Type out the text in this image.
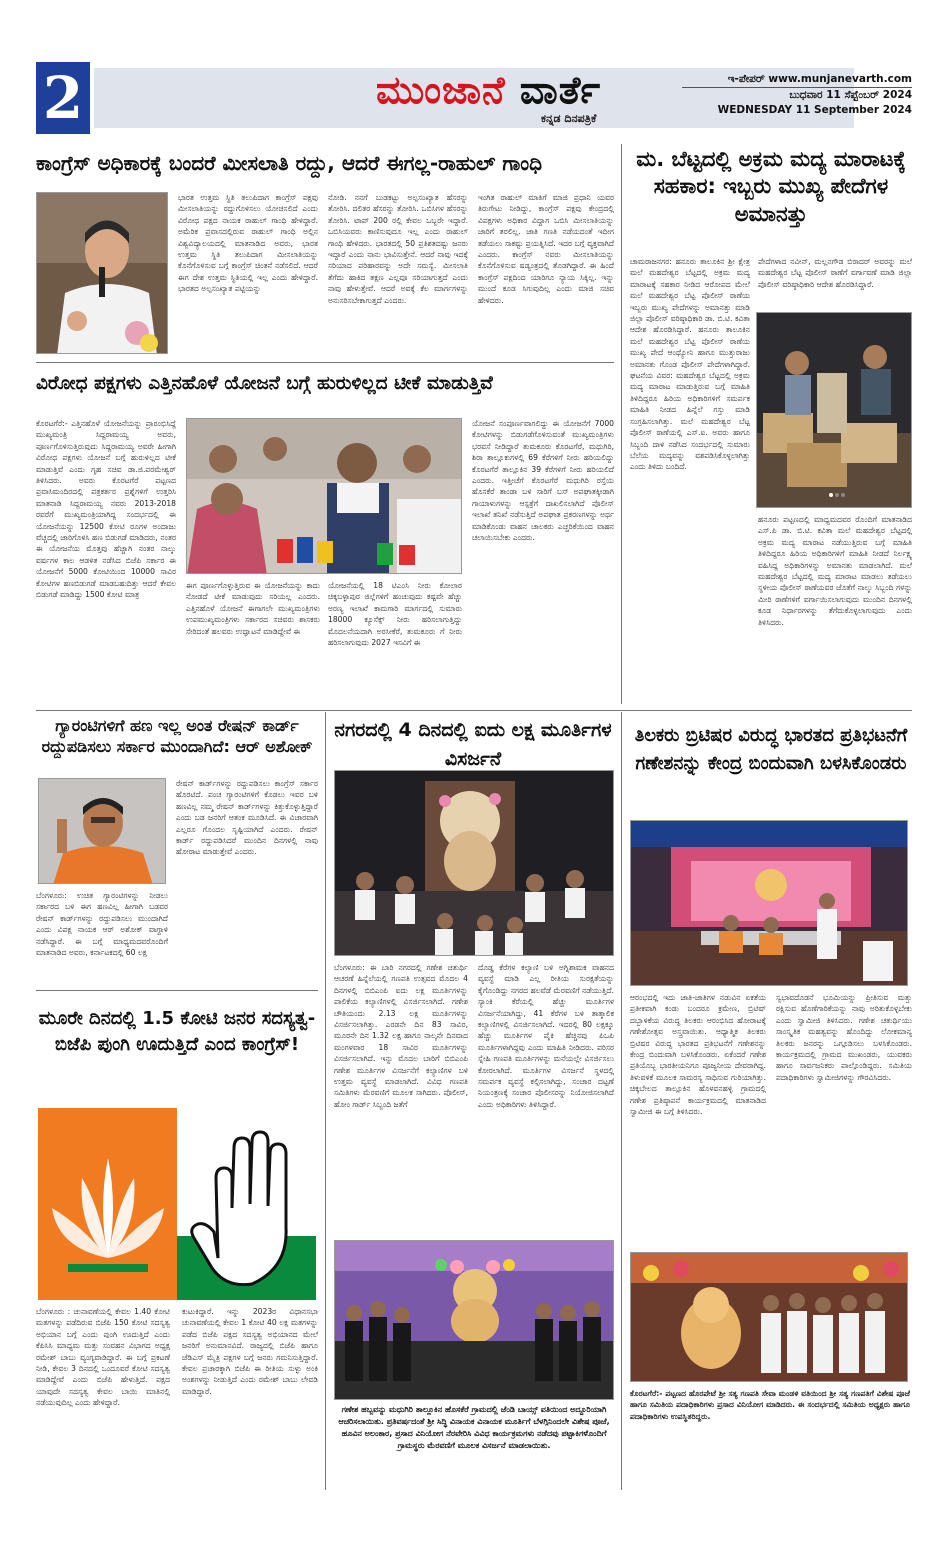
2	ಮುಂಜಾನೆ ವಾರ್ತೆ
ಕನ್ನಡ ದಿನಪತ್ರಿಕೆ
ಇ-ಪೇಪರ್ www.munjanevarth.com
ಬುಧವಾರ 11 ಸೆಪ್ಟೆಂಬರ್ 2024
WEDNESDAY 11 September 2024
ಕಾಂಗ್ರೆಸ್ ಅಧಿಕಾರಕ್ಕೆ ಬಂದರೆ ಮೀಸಲಾತಿ ರದ್ದು, ಆದರೆ ಈಗಲ್ಲ-ರಾಹುಲ್ ಗಾಂಧಿ
ಭಾರತ ಉತ್ತಮ ಸ್ಥಿತಿ ತಲುಪಿದಾಗ ಕಾಂಗ್ರೆಸ್ ಪಕ್ಷವು ಮೀಸಲಾತಿಯನ್ನು ರದ್ದುಗೊಳಿಸಲು ಯೋಚಿಸಲಿದೆ ಎಂದು ವಿರೋಧ ಪಕ್ಷದ ನಾಯಕ ರಾಹುಲ್ ಗಾಂಧಿ ಹೇಳಿದ್ದಾರೆ. ಅಮೆರಿಕ ಪ್ರವಾಸದಲ್ಲಿರುವ ರಾಹುಲ್ ಗಾಂಧಿ ಅಲ್ಲಿನ ವಿಶ್ವವಿದ್ಯಾಲಯದಲ್ಲಿ ಮಾತನಾಡಿದ ಅವರು, ಭಾರತ ಉತ್ತಮ ಸ್ಥಿತಿ ತಲುಪಿದಾಗ ಮೀಸಲಾತಿಯನ್ನು ಕೊನೆಗೊಳಿಸುವ ಬಗ್ಗೆ ಕಾಂಗ್ರೆಸ್ ಚಿಂತನೆ ನಡೆಸಲಿದೆ. ಆದರೆ ಈಗ ದೇಶ ಉತ್ತಮ ಸ್ಥಿತಿಯಲ್ಲಿ ಇಲ್ಲ ಎಂದು ಹೇಳಿದ್ದಾರೆ. ಭಾರತದ ಅಲ್ಪಸಂಖ್ಯಾತ ಪಟ್ಟಿಯನ್ನು
ನೋಡಿ. ನನಗೆ ಬುಡಕಟ್ಟು ಅಲ್ಪಸಂಖ್ಯಾತ ಹೆಸರನ್ನು ತೋರಿಸಿ. ದಲಿತರ ಹೆಸರನ್ನು ತೋರಿಸಿ. ಒಬಿಸಿಗಳ ಹೆಸರನ್ನು ತೋರಿಸಿ. ಟಾಪ್ 200 ರಲ್ಲಿ ಕೇವಲ ಒಬ್ಬರೇ ಇದ್ದಾರೆ. ಒಬಿಸಿಯವರು ಕಾಣಿಸುವುದೂ ಇಲ್ಲ ಎಂದು ರಾಹುಲ್ ಗಾಂಧಿ ಹೇಳಿದರು. ಭಾರತದಲ್ಲಿ 50 ಪ್ರತಿಶತದಷ್ಟು ಜನರು ಇದ್ದಾರೆ ಎಂದು ನಾನು ಭಾವಿಸುತ್ತೇನೆ. ಆದರೆ ನಾವು ಇದಕ್ಕೆ ಸರಿಯಾದ ಪರಿಹಾರವನ್ನು ಅದೇ ಸಮಸ್ಯೆ. ಮೀಸಲಾತಿ ತೆಗೆದು ಹಾಕಿದ ತಕ್ಷಣ ಎಲ್ಲವೂ ಸರಿಯಾಗುತ್ತದೆ ಎಂದು ನಾವು ಹೇಳುತ್ತೇವೆ. ಆದರೆ ಅವಕ್ಕೆ ಕೆಲ ಮಾರ್ಗಗಳನ್ನು ಅನುಸರಿಸಬೇಕಾಗುತ್ತದೆ ಎಂದರು.
ಇಂಗಿತ ರಾಹುಲ್ ಮಾತಿಗೆ ಮಾಜಿ ಪ್ರಧಾನಿ ಯವರ ತಿರುಗೇಟು ನೀಡಿದ್ದು, ಕಾಂಗ್ರೆಸ್ ಪಕ್ಷವು ಕೇಂದ್ರದಲ್ಲಿ ವಿಪಕ್ಷಗಳು ಅಧಿಕಾರ ವಿದ್ದಾಗ ಒಬಿಸಿ ಮೀಸಲಾತಿಯನ್ನು ಜಾರಿಗೆ ತರಲಿಲ್ಲ. ಜಾತಿ ಗಣತಿ ನಡೆಯದಂತೆ ಇದೀಗ ತಡೆಯಲು ಸಾಕಷ್ಟು ಪ್ರಯತ್ನಿಸಿದೆ. ಇದರ ಬಗ್ಗೆ ವ್ಯಕ್ತವಾಗಿದೆ ಎಂದರು. ಕಾಂಗ್ರೆಸ್ ನವರು ಮೀಸಲಾತಿಯನ್ನು ಕೊನೆಗೊಳಿಸುವ ಷಡ್ಯಂತ್ರದಲ್ಲಿ ತೊಡಗಿದ್ದಾರೆ. ಈ ಹಿಂದೆ ಕಾಂಗ್ರೆಸ್ ಪಕ್ಷದಿಂದ ಯಾರಿಗೂ ನ್ಯಾಯ ಸಿಕ್ಕಿಲ್ಲ. ಇನ್ನು ಮುಂದೆ ಕೂಡ ಸಿಗುವುದಿಲ್ಲ ಎಂದು ಮಾಜಿ ಸಚಿವ ಹೇಳಿದರು.
ಮ. ಬೆಟ್ಟದಲ್ಲಿ ಅಕ್ರಮ ಮದ್ಯ ಮಾರಾಟಕ್ಕೆ ಸಹಕಾರ: ಇಬ್ಬರು ಮುಖ್ಯ ಪೇದೆಗಳ ಅಮಾನತ್ತು
ಚಾಮರಾಜನಗರ: ಹನೂರು ತಾಲೂಕಿನ ಶ್ರೀ ಕ್ಷೇತ್ರ ಮಲೆ ಮಹದೇಶ್ವರ ಬೆಟ್ಟದಲ್ಲಿ ಅಕ್ರಮ ಮದ್ಯ ಮಾರಾಟಕ್ಕೆ ಸಹಕಾರ ನೀಡಿದ ಆರೋಪದ ಮೇಲೆ ಮಲೆ ಮಹದೇಶ್ವರ ಬೆಟ್ಟ ಪೊಲೀಸ್ ಠಾಣೆಯ ಇಬ್ಬರು ಮುಖ್ಯ ಪೇದೆಗಳನ್ನು ಅಮಾನತ್ತು ಮಾಡಿ ಜಿಲ್ಲಾ ಪೊಲೀಸ್ ವರಿಷ್ಠಾಧಿಕಾರಿ ಡಾ. ಬಿ.ಟಿ. ಕವಿತಾ ಆದೇಶ ಹೊರಡಿಸಿದ್ದಾರೆ. ಹನೂರು ತಾಲೂಕಿನ ಮಲೆ ಮಹದೇಶ್ವರ ಬೆಟ್ಟ ಪೊಲೀಸ್ ಠಾಣೆಯ ಮುಖ್ಯ ಪೇದೆ ಆಂಥ್ಯೋನಿ ಹಾಗೂ ಮುತ್ತುರಾಜು ಅಮಾನತು ಗೊಂಡ ಪೊಲೀಸ್ ಪೇದೆಗಳಾಗಿದ್ದಾರೆ. ಘಟನೆಯ ವಿವರ: ಮಹದೇಶ್ವರ ಬೆಟ್ಟದಲ್ಲಿ ಅಕ್ರಮ ಮದ್ಯ ಮಾರಾಟ ಮಾಡುತ್ತಿರುವ ಬಗ್ಗೆ ಮಾಹಿತಿ ತಿಳಿದಿದ್ದರೂ ಹಿರಿಯ ಅಧಿಕಾರಿಗಳಿಗೆ ಸಮರ್ಪಕ ಮಾಹಿತಿ ನೀಡದ ಹಿನ್ನೆಲೆ ಗಸ್ತು ಮಾಡಿ ಸಂಗ್ರಹಿಸಲಾಗಿತ್ತು. ಮಲೆ ಮಹದೇಶ್ವರ ಬೆಟ್ಟ ಪೊಲೀಸ್ ಠಾಣೆಯಲ್ಲಿ ಎಸ್.ಐ. ಅವರು ಹಾಗೂ ಸಿಬ್ಬಂದಿ ದಾಳಿ ನಡೆಸಿದ ಸಂದರ್ಭದಲ್ಲಿ ಸುಮಾರು ಬೆಲೆಯ ಮದ್ಯವನ್ನು ವಶಪಡಿಸಿಕೊಳ್ಳಲಾಗಿತ್ತು ಎಂದು ತಿಳಿದು ಬಂದಿದೆ.
ಪೇದೆಗಳಾದ ನವೀನ್, ಮಲ್ಲನಗೌಡ ಬಿರಾದರ್ ಅವರನ್ನು ಮಲೆ ಮಹದೇಶ್ವರ ಬೆಟ್ಟ ಪೊಲೀಸ್ ಠಾಣೆಗೆ ವರ್ಗಾವಣೆ ಮಾಡಿ ಜಿಲ್ಲಾ ಪೊಲೀಸ್ ವರಿಷ್ಠಾಧಿಕಾರಿ ಆದೇಶ ಹೊರಡಿಸಿದ್ದಾರೆ.
ಹನೂರು ಪಟ್ಟಣದಲ್ಲಿ ಮಾಧ್ಯಮದವರ ರೊಂದಿಗೆ ಮಾತನಾಡಿದ ಎಸ್.ಪಿ ಡಾ. ಬಿ.ಟಿ. ಕವಿತಾ ಮಲೆ ಮಹದೇಶ್ವರ ಬೆಟ್ಟದಲ್ಲಿ ಅಕ್ರಮ ಮದ್ಯ ಮಾರಾಟ ನಡೆಯುತ್ತಿರುವ ಬಗ್ಗೆ ಮಾಹಿತಿ ತಿಳಿದಿದ್ದರೂ ಹಿರಿಯ ಅಧಿಕಾರಿಗಳಿಗೆ ಮಾಹಿತಿ ನೀಡದೆ ನಿರ್ಲಕ್ಷ್ಯ ವಹಿಸಿದ್ದ ಅಧಿಕಾರಿಗಳನ್ನು ಅಮಾನತು ಮಾಡಲಾಗಿದೆ. ಮಲೆ ಮಹದೇಶ್ವರ ಬೆಟ್ಟದಲ್ಲಿ ಮದ್ಯ ಮಾರಾಟ ಮಾಡಲು ತಡೆಯಲು ಸ್ಥಳೀಯ ಪೊಲೀಸ್ ಠಾಣೆಯವರ ಜೊತೆಗೆ ನಾಲ್ಕು ಸಿಬ್ಬಂದಿ ಗಳನ್ನು ಮೀರಿ ಠಾಣೆಗಳಿಗೆ ವರ್ಗಾಯಿಸಲಾಗುವುದು ಮುಂದಿನ ದಿನಗಳಲ್ಲಿ ಕೂಡ ನಿರ್ಧಾರಗಳನ್ನು ತೆಗೆದುಕೊಳ್ಳಲಾಗುವುದು ಎಂದು ತಿಳಿಸಿದರು.
ವಿರೋಧ ಪಕ್ಷಗಳು ಎತ್ತಿನಹೊಳೆ ಯೋಜನೆ ಬಗ್ಗೆ ಹುರುಳಿಲ್ಲದ ಟೀಕೆ ಮಾಡುತ್ತಿವೆ
ಕೊರಟಗೆರೆ:- ಎತ್ತಿನಹೊಳೆ ಯೋಜನೆಯನ್ನು ಪ್ರಾರಂಭಿಸಿದ್ದೆ ಮುಖ್ಯಮಂತ್ರಿ ಸಿದ್ದರಾಮಯ್ಯ ಅವರು, ಪೂರ್ಣಗೊಳಿಸುತ್ತಿರುವುದು ಸಿದ್ದರಾಮಯ್ಯ ಅವರೇ ಹೀಗಾಗಿ ವಿರೋಧ ಪಕ್ಷಗಳು ಯೋಜನೆ ಬಗ್ಗೆ ಹುರುಳಿಲ್ಲದ ಟೀಕೆ ಮಾಡುತ್ತಿವೆ ಎಂದು ಗೃಹ ಸಚಿವ ಡಾ.ಜಿ.ಪರಮೇಶ್ವರ್ ತಿಳಿಸಿದರು. ಅವರು ಕೊರಟಗೆರೆ ಪಟ್ಟಣದ ಪ್ರವಾಸಿಮಂದಿರದಲ್ಲಿ ಪತ್ರಕರ್ತರ ಪ್ರಶ್ನೆಗಳಿಗೆ ಉತ್ತರಿಸಿ ಮಾತನಾಡಿ ಸಿದ್ದರಾಮಯ್ಯ ನವರು 2013-2018 ರವರೆಗೆ ಮುಖ್ಯಮಂತ್ರಿಯಾಗಿದ್ದ ಸಂದರ್ಭದಲ್ಲಿ ಈ ಯೋಜನೆಯನ್ನು 12500 ಕೋಟಿ ರೂಗಳ ಅಂದಾಜು ವೆಚ್ಚದಲ್ಲಿ ಜಾರಿಗೊಳಿಸಿ ಹಣ ಬಿಡುಗಡೆ ಮಾಡಿದರು, ನಂತರ ಈ ಯೋಜನೆಯ ಮೊತ್ತವು ಹೆಚ್ಚಾಗಿ ನಂತರ ನಾಲ್ಕು ವರ್ಷಗಳ ಕಾಲ ಆಡಳಿತ ನಡೆಸಿದ ಬಿಜೆಪಿ ಸರ್ಕಾರ ಈ ಯೋಜನೆಗೆ 5000 ಕೋಟಿಯಿಂದ 10000 ಸಾವಿರ ಕೋಟಿಗಳ ಹಣಬಿಡುಗಡೆ ಮಾಡಬಹುದಿತ್ತು ಆದರೆ ಕೇವಲ ಬಿಡುಗಡೆ ಮಾಡಿದ್ದು 1500 ಕೋಟಿ ಮಾತ್ರ
ಈಗ ಪೂರ್ಣಗೊಳ್ಳುತ್ತಿರುವ ಈ ಯೋಜನೆಯನ್ನು ಕಾದು ನೋಡದೆ ಟೀಕೆ ಮಾಡುವುದು ಸರಿಯಲ್ಲ ಎಂದರು. ಎತ್ತಿನಹೊಳೆ ಯೋಜನೆ ಈಗಾಗಲೇ ಮುಖ್ಯಮಂತ್ರಿಗಳು ಉಪಮುಖ್ಯಮಂತ್ರಿಗಳು ಸರ್ಕಾರದ ಸಚಿವರು ಶಾಸಕರು ಸೇರಿದಂತೆ ಹಲವರು ಉದ್ಘಾಟನೆ ಮಾಡಿದ್ದೇವೆ ಈ
ಯೋಜನೆಯಲ್ಲಿ 18 ಟಿಎಂಸಿ ನೀರು ಕೋಲಾರ ಚಿಕ್ಕಬಳ್ಳಾಪುರ ಜಿಲ್ಲೆಗಳಿಗೆ ಹಂಚುವುದು ಕಷ್ಟವೇ ಹೆಚ್ಚು ಅರಣ್ಯ ಇಲಾಖೆ ಕಾಮಗಾರಿ ಮಾರ್ಗದಲ್ಲಿ ಸುಮಾರು 18000 ಕ್ಯೂಸೆಕ್ಸ್ ನೀರು ಹರಿಸಲಾಗುತ್ತಿದ್ದು ಮೊದಲನೆಯದಾಗಿ ಅರಸೀಕೆರೆ, ತುಮಕೂರು ಗೆ ನೀರು ಹರಿಸಲಾಗುವುದು 2027 ಇಸವಿಗೆ ಈ
ಯೋಜನೆ ಸಂಪೂರ್ಣವಾಗಲಿದ್ದು ಈ ಯೋಜನೆಗೆ 7000 ಕೋಟಿಗಳನ್ನು ಬಿಡುಗಡೆಗೊಳಿಸುವಂತೆ ಮುಖ್ಯಮಂತ್ರಿಗಳು ಭರವಸೆ ನೀಡಿದ್ದಾರೆ ತುಮಕೂರು ಕೊರಟಗೆರೆ, ಮಧುಗಿರಿ, ಶಿರಾ ತಾಲ್ಲೂಕುಗಳಲ್ಲಿ 69 ಕೆರೆಗಳಿಗೆ ನೀರು ಹರಿಯಲಿದ್ದು ಕೊರಟಗೆರೆ ತಾಲ್ಲೂಕಿನ 39 ಕೆರೆಗಳಿಗೆ ನೀರು ಹರಿಯಲಿದೆ ಎಂದರು. ಇತ್ತೀಚೆಗೆ ಕೊರಟಗೆರೆ ಮಧುಗಿರಿ ರಸ್ತೆಯ ಹೊಸಕೆರೆ ತಾಂಡಾ ಬಳಿ ಸಾರಿಗೆ ಬಸ್ ಅಪಘಾತಕ್ಕೀಡಾಗಿ ಗಾಯಾಳುಗಳನ್ನು ಆಸ್ಪತ್ರೆಗೆ ದಾಖಲಿಸಲಾಗಿದೆ ಪೊಲೀಸ್ ಇಲಾಖೆ ತನಿಖೆ ನಡೆಸುತ್ತಿದೆ ಅಪಘಾತ ಪ್ರಕರಣಗಳನ್ನು ಅರ್ಥ ಮಾಡಿಕೊಂಡು ವಾಹನ ಚಾಲಕರು ಎಚ್ಚರಿಕೆಯಿಂದ ವಾಹನ ಚಲಾಯಿಸಬೇಕು ಎಂದರು.
ಗ್ಯಾರಂಟಿಗಳಿಗೆ ಹಣ ಇಲ್ಲ ಅಂತ ರೇಷನ್ ಕಾರ್ಡ್ ರದ್ದುಪಡಿಸಲು ಸರ್ಕಾರ ಮುಂದಾಗಿದೆ: ಆರ್ ಅಶೋಕ್
ರೇಷನ್ ಕಾರ್ಡ್‌ಗಳನ್ನು ರದ್ದುಪಡಿಸಲು ಕಾಂಗ್ರೆಸ್ ಸರ್ಕಾರ ಹೊರಟಿದೆ. ಪಂಚ ಗ್ಯಾರಂಟಿಗಳಿಗೆ ಕೊಡಲು ಇವರ ಬಳಿ ಹಣವಿಲ್ಲ ನಮ್ಮ ರೇಷನ್ ಕಾರ್ಡ್‌ಗಳನ್ನು ಕಿತ್ತುಕೊಳ್ಳುತ್ತಿದ್ದಾರೆ ಎಂದು ಬಡ ಜನರಿಗೆ ಆತಂಕ ಮೂಡಿಸಿದೆ. ಈ ವಿಚಾರವಾಗಿ ಎಲ್ಲರೂ ಗೊಂದಲ ಸೃಷ್ಟಿಯಾಗಿದೆ ಎಂದರು. ರೇಷನ್ ಕಾರ್ಡ್ ರದ್ದುಪಡಿಸಿದರೆ ಮುಂದಿನ ದಿನಗಳಲ್ಲಿ ನಾವು ಹೋರಾಟ ಮಾಡುತ್ತೇವೆ ಎಂದರು.
ಬೆಂಗಳೂರು: ಉಚಿತ ಗ್ಯಾರಂಟಿಗಳನ್ನು ನೀಡಲು ಸರ್ಕಾರದ ಬಳಿ ಈಗ ಹಣವಿಲ್ಲ ಹೀಗಾಗಿ ಬಡವರ ರೇಷನ್ ಕಾರ್ಡ್‌ಗಳನ್ನು ರದ್ದುಪಡಿಸಲು ಮುಂದಾಗಿದೆ ಎಂದು ವಿಪಕ್ಷ ನಾಯಕ ಆರ್ ಅಶೋಕ್ ವಾಗ್ದಾಳಿ ನಡೆಸಿದ್ದಾರೆ. ಈ ಬಗ್ಗೆ ಮಾಧ್ಯಮದವರೊಂದಿಗೆ ಮಾತನಾಡಿದ ಅವರು, ಕರ್ನಾಟಕದಲ್ಲಿ 60 ಲಕ್ಷ
ಮೂರೇ ದಿನದಲ್ಲಿ 1.5 ಕೋಟಿ ಜನರ ಸದಸ್ಯತ್ವ-ಬಿಜೆಪಿ ಪುಂಗಿ ಊದುತ್ತಿದೆ ಎಂದ ಕಾಂಗ್ರೆಸ್!
ಬೆಂಗಳೂರು : ಚುನಾವಣೆಯಲ್ಲಿ ಕೇವಲ 1.40 ಕೋಟಿ ಮತಗಳನ್ನು ಪಡೆದಿರುವ ಬಿಜೆಪಿ 150 ಕೋಟಿ ಸದಸ್ಯತ್ವ ಅಭಿಯಾನ ಬಗ್ಗೆ ಎಂದು ಪುಂಗಿ ಊದುತ್ತಿದೆ ಎಂದು ಕೆಪಿಸಿಸಿ ಮಾಧ್ಯಮ ಮತ್ತು ಸಂವಹನ ವಿಭಾಗದ ಅಧ್ಯಕ್ಷ ರಮೇಶ್ ಬಾಬು ವ್ಯಂಗ್ಯವಾಡಿದ್ದಾರೆ. ಈ ಬಗ್ಗೆ ಪ್ರಕಟಣೆ ನೀಡಿ, ಕೇವಲ 3 ದಿನದಲ್ಲಿ ಒಂದೂವರೆ ಕೋಟಿ ಸದಸ್ಯತ್ವ ಮಾಡಿದ್ದೇವೆ ಎಂದು ಬಿಜೆಪಿ ಹೇಳುತ್ತಿದೆ. ಪಕ್ಷದ ಯಾವುದೇ ಸದಸ್ಯತ್ವ ಕೇವಲ ಬಾಯಿ ಮಾತಿನಲ್ಲಿ ನಡೆಯುವುದಿಲ್ಲ ಎಂದು ಹೇಳಿದ್ದಾರೆ.
ಕುಟುಕಿದ್ದಾರೆ. ಇನ್ನು 2023ರ ವಿಧಾನಸಭಾ ಚುನಾವಣೆಯಲ್ಲಿ ಕೇವಲ 1 ಕೋಟಿ 40 ಲಕ್ಷ ಮತಗಳನ್ನು ಪಡೆದ ಬಿಜೆಪಿ ಪಕ್ಷದ ಸದಸ್ಯತ್ವ ಅಭಿಯಾನದ ಮೇಲೆ ಜನರಿಗೆ ಅನುಮಾನವಿದೆ. ರಾಜ್ಯದಲ್ಲಿ ಬಿಜೆಪಿ ಹಾಗೂ ಜೆಡಿಎಸ್ ಮೈತ್ರಿ ಪಕ್ಷಗಳ ಬಗ್ಗೆ ಜನರು ಗಮನಿಸುತ್ತಿದ್ದಾರೆ. ಕೇವಲ ಪ್ರಚಾರಕ್ಕಾಗಿ ಬಿಜೆಪಿ ಈ ರೀತಿಯ ಸುಳ್ಳು ಅಂಕಿ ಅಂಶಗಳನ್ನು ನೀಡುತ್ತಿದೆ ಎಂದು ರಮೇಶ್ ಬಾಬು ಲೇವಡಿ ಮಾಡಿದ್ದಾರೆ.
ನಗರದಲ್ಲಿ 4 ದಿನದಲ್ಲಿ ಐದು ಲಕ್ಷ ಮೂರ್ತಿಗಳ ವಿಸರ್ಜನೆ
ಬೆಂಗಳೂರು: ಈ ಬಾರಿ ನಗರದಲ್ಲಿ ಗಣೇಶ ಚತುರ್ಥಿ ಆಚರಣೆ ಹಿನ್ನೆಲೆಯಲ್ಲಿ ಗಣಪತಿ ಉತ್ಸವದ ಮೊದಲ 4 ದಿನಗಳಲ್ಲಿ ಬಿಬಿಎಂಪಿ ಐದು ಲಕ್ಷ ಮೂರ್ತಿಗಳನ್ನು ಪಾಲಿಕೆಯ ಕಲ್ಯಾಣಿಗಳಲ್ಲಿ ವಿಸರ್ಜಿಸಲಾಗಿದೆ. ಗಣೇಶ ಚೌತಿಯಂದು 2.13 ಲಕ್ಷ ಮೂರ್ತಿಗಳನ್ನು ವಿಸರ್ಜಿಸಲಾಗಿತ್ತು. ಎರಡನೇ ದಿನ 83 ಸಾವಿರ, ಮೂರನೇ ದಿನ 1.32 ಲಕ್ಷ ಹಾಗೂ ನಾಲ್ಕನೇ ದಿನವಾದ ಮಂಗಳವಾರ 18 ಸಾವಿರ ಮೂರ್ತಿಗಳನ್ನು ವಿಸರ್ಜಿಸಲಾಗಿದೆ. ಇನ್ನು ಮೊದಲ ಬಾರಿಗೆ ಬಿಬಿಎಂಪಿ ಗಣೇಶ ಮೂರ್ತಿಗಳ ವಿಸರ್ಜನೆಗೆ ಕಲ್ಯಾಣಿಗಳ ಬಳಿ ಉತ್ತಮ ವ್ಯವಸ್ಥೆ ಮಾಡಲಾಗಿದೆ. ವಿವಿಧ ಗಣಪತಿ ಸಮಿತಿಗಳು ಮೆರವಣಿಗೆ ಮೂಲಕ ಸಾಗಿದರು. ಪೊಲೀಸ್, ಹೋಂ ಗಾರ್ಡ್ ಸಿಬ್ಬಂದಿ ಜತೆಗೆ
ದೊಡ್ಡ ಕೆರೆಗಳ ಕಲ್ಯಾಣಿ ಬಳಿ ಅಗ್ನಿಶಾಮಕ ವಾಹನದ ವ್ಯವಸ್ಥೆ ಮಾಡಿ ಎಲ್ಲ ರೀತಿಯ ಸುರಕ್ಷತೆಯನ್ನು ಕೈಗೊಂಡಿದ್ದು ನಗರದ ಹಲವೆಡೆ ಮೆರವಣಿಗೆ ನಡೆಯುತ್ತಿದೆ. ಸ್ಯಾಂಕಿ ಕೆರೆಯಲ್ಲಿ ಹೆಚ್ಚು ಮೂರ್ತಿಗಳ ವಿಸರ್ಜನೆಯಾಗಿದ್ದು, 41 ಕೆರೆಗಳ ಬಳಿ ತಾತ್ಕಾಲಿಕ ಕಲ್ಯಾಣಿಗಳಲ್ಲಿ ವಿಸರ್ಜಿಸಲಾಗಿದೆ. ಇದರಲ್ಲಿ 80 ಲಕ್ಷಕ್ಕೂ ಹೆಚ್ಚು ಮೂರ್ತಿಗಳ ಪೈಕಿ ಹೆಚ್ಚಿನವು ಪಿಒಪಿ ಮೂರ್ತಿಗಳಾಗಿದ್ದವು ಎಂದು ಮಾಹಿತಿ ನೀಡಿದರು. ಪರಿಸರ ಸ್ನೇಹಿ ಗಣಪತಿ ಮೂರ್ತಿಗಳನ್ನು ಮನೆಯಲ್ಲೇ ವಿಸರ್ಜಿಸಲು ಕೋರಲಾಗಿದೆ. ಮೂರ್ತಿಗಳ ವಿಸರ್ಜನೆ ಸ್ಥಳದಲ್ಲಿ ಸಮರ್ಪಕ ವ್ಯವಸ್ಥೆ ಕಲ್ಪಿಸಲಾಗಿದ್ದು, ಸಂಚಾರ ದಟ್ಟಣೆ ನಿಯಂತ್ರಣಕ್ಕೆ ಸಂಚಾರ ಪೊಲೀಸರನ್ನು ನಿಯೋಜಿಸಲಾಗಿದೆ ಎಂದು ಅಧಿಕಾರಿಗಳು ತಿಳಿಸಿದ್ದಾರೆ.
ಗಣೇಶ ಹಬ್ಬವನ್ನು ಮಧುಗಿರಿ ತಾಲ್ಲೂಕಿನ ಹೊಸಕೆರೆ ಗ್ರಾಮದಲ್ಲಿ ಜೆಂಡಿ ಬಾಯ್ಸ್ ವತಿಯಿಂದ ಅದ್ದೂರಿಯಾಗಿ ಆಚರಿಸಲಾಯಿತು. ಪ್ರತಿವರ್ಷದಂತೆ ಶ್ರೀ ಸಿದ್ಧಿ ವಿನಾಯಕ ವಿನಾಯಕ ಮೂರ್ತಿಗೆ ಬೆಳಗ್ಗಿನಿಂದಲೇ ವಿಶೇಷ ಪೂಜೆ, ಹೂವಿನ ಅಲಂಕಾರ, ಪ್ರಸಾದ ವಿನಿಯೋಗ ನೆರವೇರಿಸಿ ವಿವಿಧ ಕಾರ್ಯಕ್ರಮಗಳು ನಡೆದವು ಪಟ್ಟಾಕಿಗಳೊಂದಿಗೆ ಗ್ರಾಮಸ್ಥರು ಮೆರವಣಿಗೆ ಮೂಲಕ ವಿಸರ್ಜನೆ ಮಾಡಲಾಯಿತು.
ತಿಲಕರು ಬ್ರಿಟಿಷರ ವಿರುದ್ಧ ಭಾರತದ ಪ್ರತಿಭಟನೆಗೆ ಗಣೇಶನನ್ನು ಕೇಂದ್ರ ಬಿಂದುವಾಗಿ ಬಳಸಿಕೊಂಡರು
ಆರಂಭದಲ್ಲಿ ಇದು ಜಾತಿ-ಜಾತಿಗಳ ನಡುವಿನ ಏಕತೆಯ ಪ್ರತೀಕವಾಗಿ ಕಂಡು ಬಂದರೂ ಕ್ರಮೇಣ, ಬ್ರಿಟಿಷ್ ದಬ್ಬಾಳಿಕೆಯ ವಿರುದ್ಧ ತಿಲಕರು ಆರಂಭಿಸಿದ ಹೋರಾಟಕ್ಕೆ ಗಣೇಶೋತ್ಸವ ಅಸ್ತ್ರವಾಯಿತು. ಆಧ್ಯಾತ್ಮಿಕ ತಿಲಕರು ಬ್ರಿಟಿಷರ ವಿರುದ್ಧ ಭಾರತದ ಪ್ರತಿಭಟನೆಗೆ ಗಣೇಶನನ್ನು ಕೇಂದ್ರ ಬಿಂದುವಾಗಿ ಬಳಸಿಕೊಂಡರು. ಏಕೆಂದರೆ ಗಣೇಶ ಪ್ರತಿಯೊಬ್ಬ ಭಾರತೀಯನಿಗೂ ಪೂಜ್ಯನೀಯ ದೇವರಾಗಿದ್ದ. ತಿಳುವಳಿಕೆ ಮೂಲಕ ಸಾಮರಸ್ಯ ಸಾಧಿಸುವ ಗುರಿಯಾಗಿತ್ತು. ಚಿಕ್ಕಬೇಲದ ತಾಲ್ಲೂಕಿನ ಹೊಳವನಹಳ್ಳಿ ಗ್ರಾಮದಲ್ಲಿ ಗಣೇಶ ಪ್ರತಿಷ್ಠಾಪನೆ ಕಾರ್ಯಕ್ರಮದಲ್ಲಿ ಮಾತನಾಡಿದ ಸ್ವಾಮೀಜಿ ಈ ಬಗ್ಗೆ ತಿಳಿಸಿದರು.
ಸ್ವಭಾವದೊಡನೆ ಭೂಮಿಯನ್ನು ಪ್ರೀತಿಸುವ ಮತ್ತು ರಕ್ಷಿಸುವ ಹೊಣೆಗಾರಿಕೆಯನ್ನು ನಾವು ಅರಿತುಕೊಳ್ಳಬೇಕು ಎಂದು ಸ್ವಾಮೀಜಿ ತಿಳಿಸಿದರು. ಗಣೇಶ ಚತುರ್ಥಿಯು ಸಾಂಸ್ಕೃತಿಕ ಮಹತ್ವವನ್ನು ಹೊಂದಿದ್ದು ಲೋಕಮಾನ್ಯ ತಿಲಕರು ಜನರನ್ನು ಒಗ್ಗೂಡಿಸಲು ಬಳಸಿಕೊಂಡರು. ಕಾರ್ಯಕ್ರಮದಲ್ಲಿ ಗ್ರಾಮದ ಮುಖಂಡರು, ಯುವಕರು ಹಾಗೂ ಸಾರ್ವಜನಿಕರು ಪಾಲ್ಗೊಂಡಿದ್ದರು. ಸಮಿತಿಯ ಪದಾಧಿಕಾರಿಗಳು ಸ್ವಾಮೀಜಿಗಳನ್ನು ಗೌರವಿಸಿದರು.
ಕೊರಟಗೆರೆ:- ಪಟ್ಟಣದ ಹೊರಪೇಟೆ ಶ್ರೀ ಸತ್ಯ ಗಣಪತಿ ಸೇವಾ ಮಂಡಳಿ ವತಿಯಿಂದ ಶ್ರೀ ಸತ್ಯ ಗಣಪತಿಗೆ ವಿಶೇಷ ಪೂಜೆ ಹಾಗೂ ಸಮಿತಿಯ ಪದಾಧಿಕಾರಿಗಳು ಪ್ರಸಾದ ವಿನಿಯೋಗ ಮಾಡಿದರು. ಈ ಸಂದರ್ಭದಲ್ಲಿ ಸಮಿತಿಯ ಅಧ್ಯಕ್ಷರು ಹಾಗೂ ಪದಾಧಿಕಾರಿಗಳು ಉಪಸ್ಥಿತರಿದ್ದರು.
